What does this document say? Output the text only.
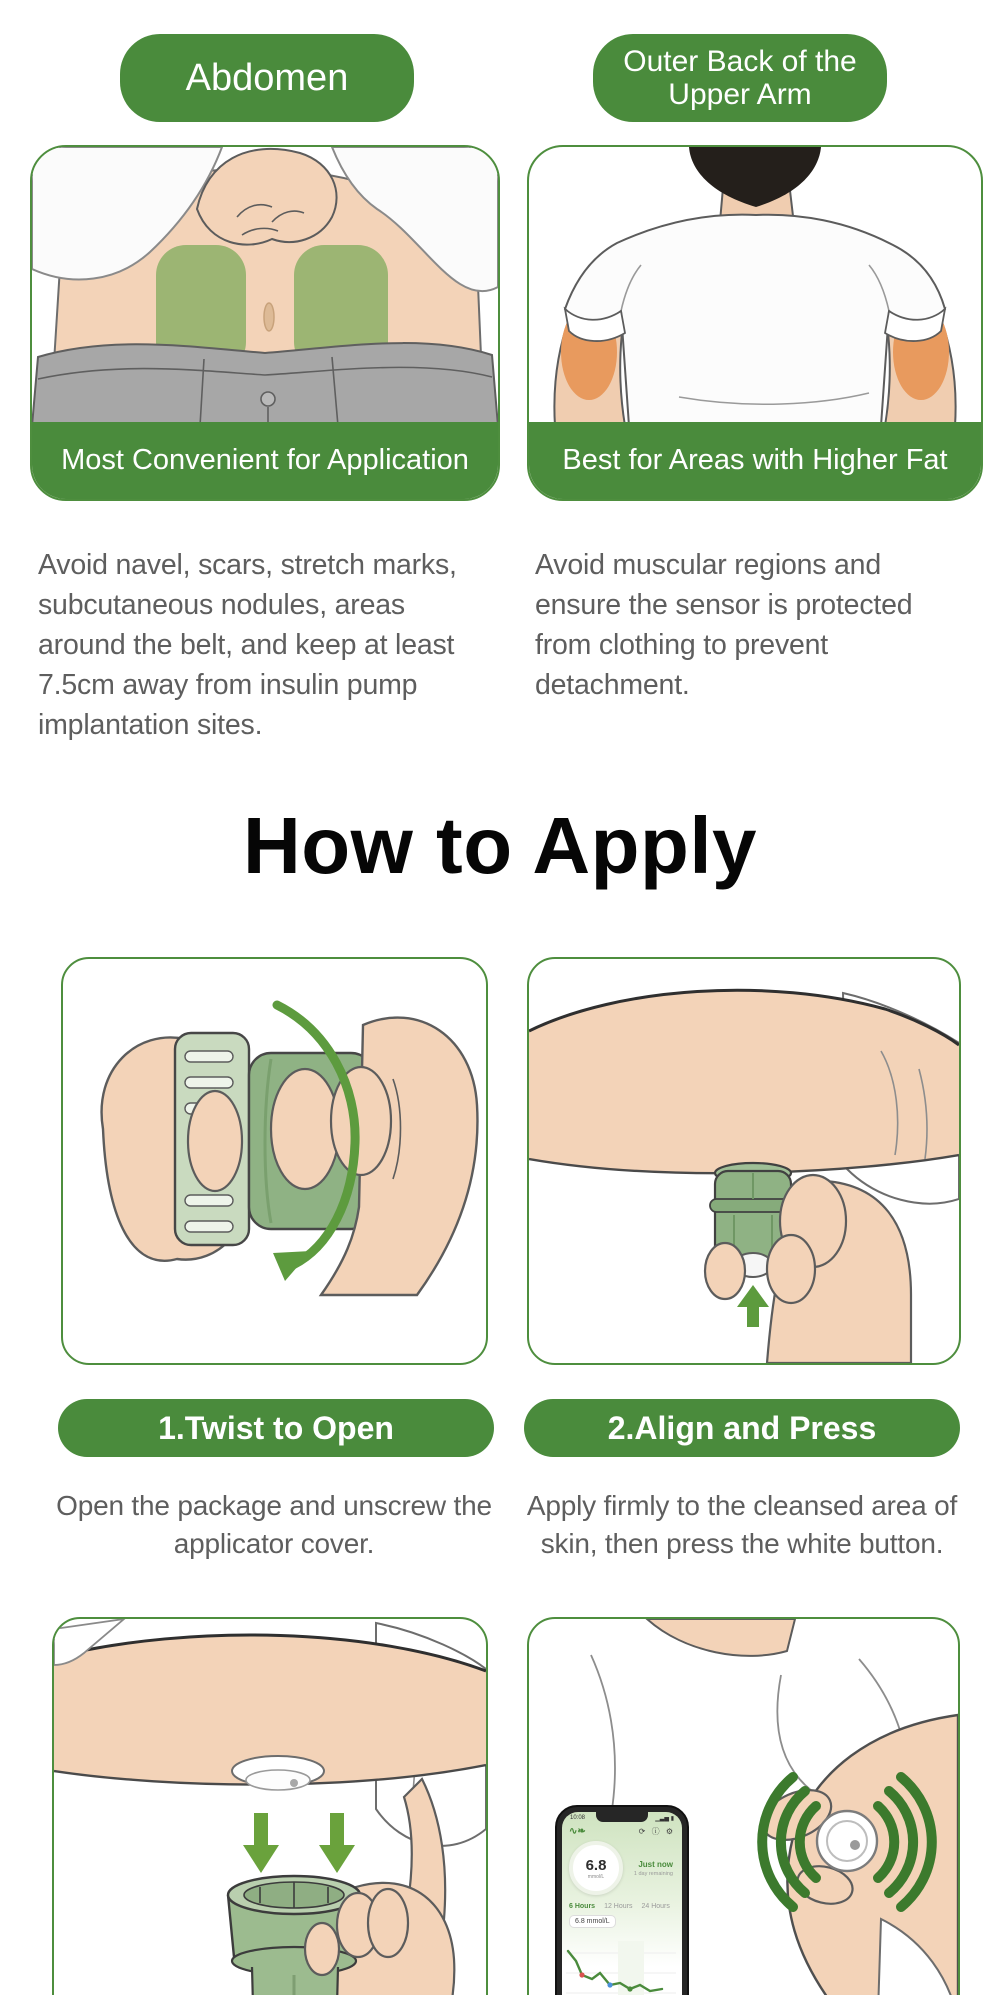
Abdomen	Outer Back of the Upper Arm
Most Convenient for Application	Best for Areas with Higher Fat

Avoid navel, scars, stretch marks, subcutaneous nodules, areas around the belt, and keep at least 7.5cm away from insulin pump implantation sites.

Avoid muscular regions and ensure the sensor is protected from clothing to prevent detachment.

How to Apply
1.Twist to Open	2.Align and Press

Open the package and unscrew the applicator cover.

Apply firmly to the cleansed area of skin, then press the white button.

10:08	▁▃▅ ▮
∿❧	⟳ ⓘ ⚙
6.8
mmol/L
Just now
1 day remaining
6 Hours 12 Hours 24 Hours
6.8 mmol/L
